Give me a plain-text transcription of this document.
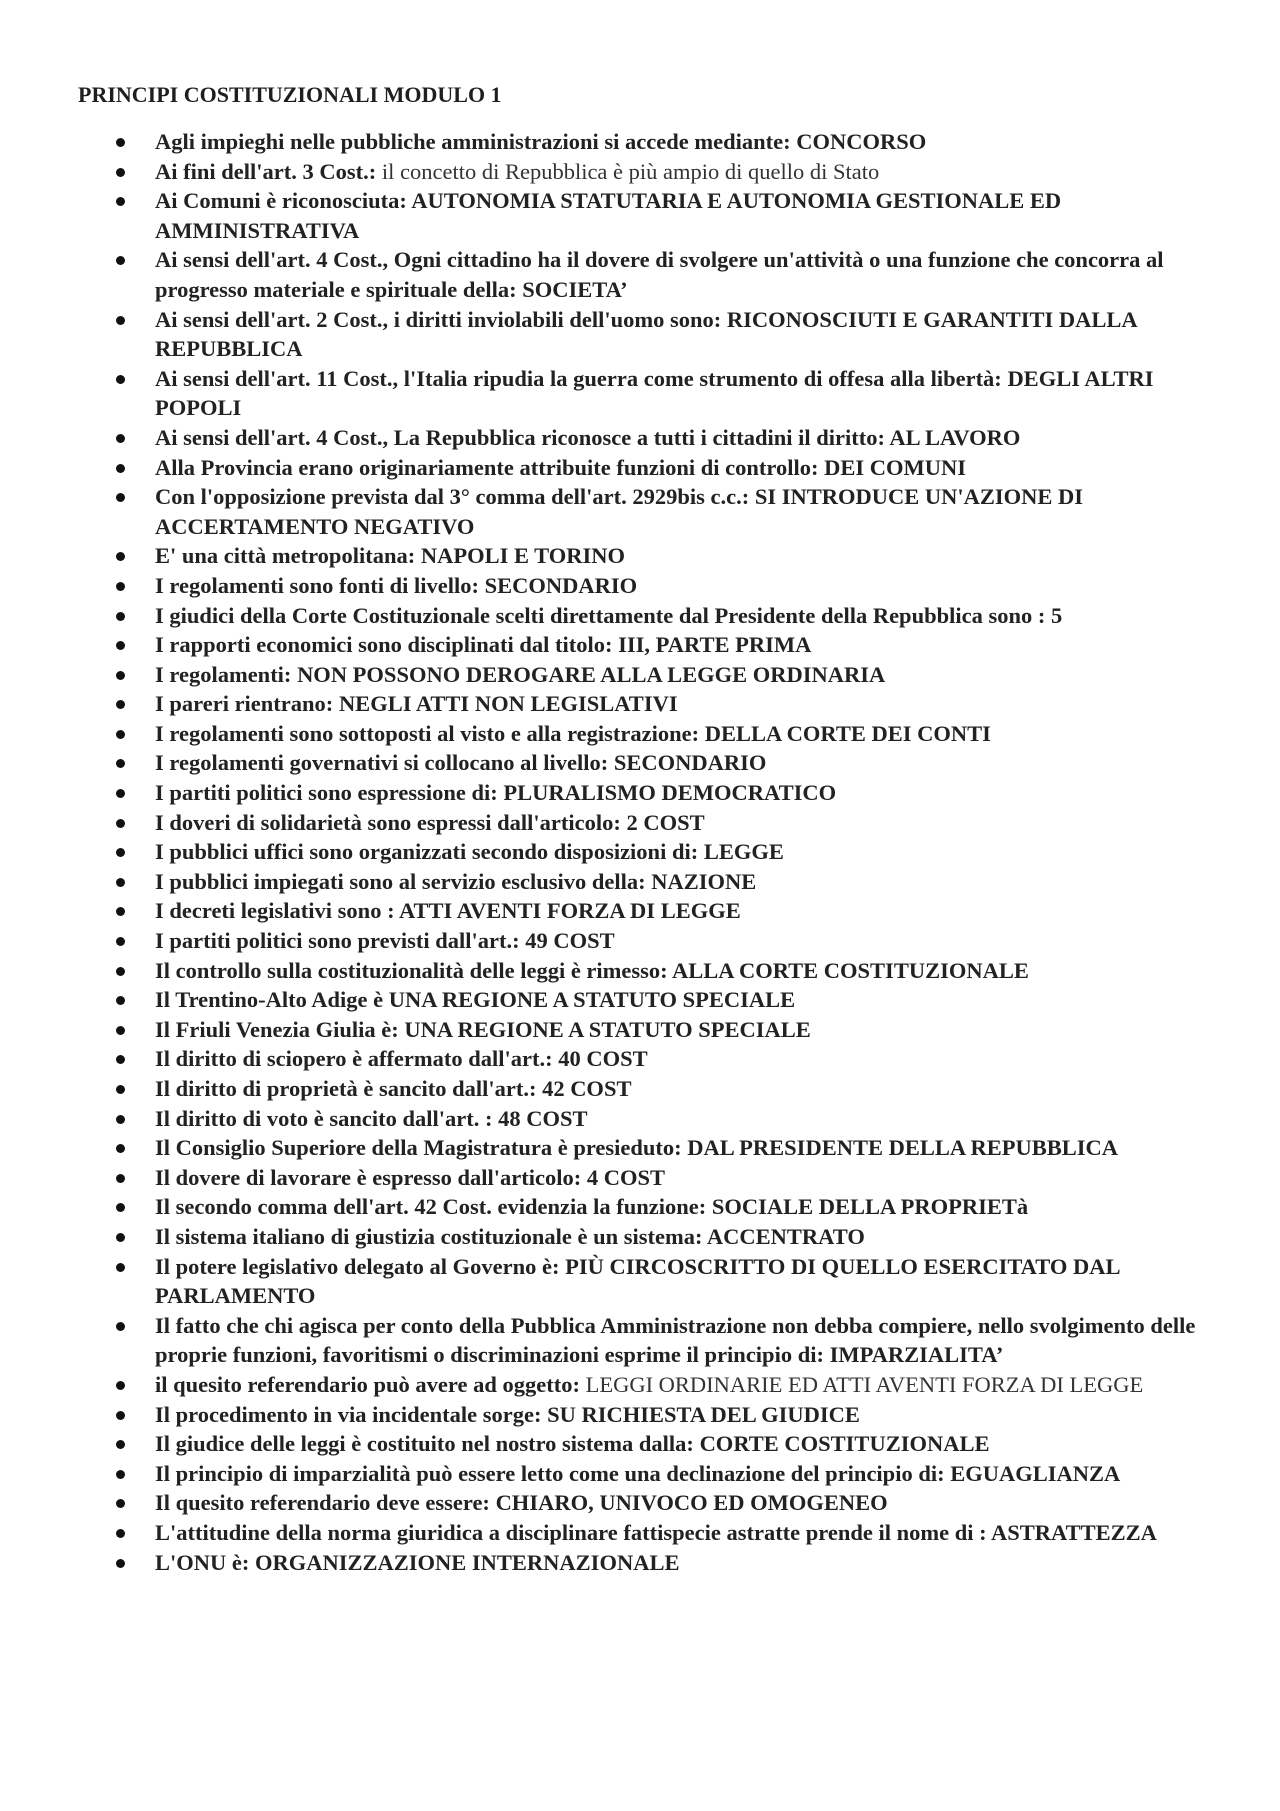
PRINCIPI COSTITUZIONALI MODULO 1
Agli impieghi nelle pubbliche amministrazioni si accede mediante: CONCORSO
Ai fini dell'art. 3 Cost.: il concetto di Repubblica è più ampio di quello di Stato
Ai Comuni è riconosciuta: AUTONOMIA STATUTARIA E AUTONOMIA GESTIONALE ED AMMINISTRATIVA
Ai sensi dell'art. 4 Cost., Ogni cittadino ha il dovere di svolgere un'attività o una funzione che concorra al progresso materiale e spirituale della: SOCIETA’
Ai sensi dell'art. 2 Cost., i diritti inviolabili dell'uomo sono: RICONOSCIUTI E GARANTITI DALLA REPUBBLICA
Ai sensi dell'art. 11 Cost., l'Italia ripudia la guerra come strumento di offesa alla libertà: DEGLI ALTRI POPOLI
Ai sensi dell'art. 4 Cost., La Repubblica riconosce a tutti i cittadini il diritto: AL LAVORO
Alla Provincia erano originariamente attribuite funzioni di controllo: DEI COMUNI
Con l'opposizione prevista dal 3° comma dell'art. 2929bis c.c.: SI INTRODUCE UN'AZIONE DI ACCERTAMENTO NEGATIVO
E' una città metropolitana: NAPOLI E TORINO
I regolamenti sono fonti di livello: SECONDARIO
I giudici della Corte Costituzionale scelti direttamente dal Presidente della Repubblica sono : 5
I rapporti economici sono disciplinati dal titolo: III, PARTE PRIMA
I regolamenti: NON POSSONO DEROGARE ALLA LEGGE ORDINARIA
I pareri rientrano: NEGLI ATTI NON LEGISLATIVI
I regolamenti sono sottoposti al visto e alla registrazione: DELLA CORTE DEI CONTI
I regolamenti governativi si collocano al livello: SECONDARIO
I partiti politici sono espressione di: PLURALISMO DEMOCRATICO
I doveri di solidarietà sono espressi dall'articolo: 2 COST
I pubblici uffici sono organizzati secondo disposizioni di: LEGGE
I pubblici impiegati sono al servizio esclusivo della: NAZIONE
I decreti legislativi sono : ATTI AVENTI FORZA DI LEGGE
I partiti politici sono previsti dall'art.: 49 COST
Il controllo sulla costituzionalità delle leggi è rimesso: ALLA CORTE COSTITUZIONALE
Il Trentino-Alto Adige è UNA REGIONE A STATUTO SPECIALE
Il Friuli Venezia Giulia è: UNA REGIONE A STATUTO SPECIALE
Il diritto di sciopero è affermato dall'art.: 40 COST
Il diritto di proprietà è sancito dall'art.: 42 COST
Il diritto di voto è sancito dall'art. : 48 COST
Il Consiglio Superiore della Magistratura è presieduto: DAL PRESIDENTE DELLA REPUBBLICA
Il dovere di lavorare è espresso dall'articolo: 4 COST
Il secondo comma dell'art. 42 Cost. evidenzia la funzione: SOCIALE DELLA PROPRIETà
Il sistema italiano di giustizia costituzionale è un sistema: ACCENTRATO
Il potere legislativo delegato al Governo è: PIÙ CIRCOSCRITTO DI QUELLO ESERCITATO DAL PARLAMENTO
Il fatto che chi agisca per conto della Pubblica Amministrazione non debba compiere, nello svolgimento delle proprie funzioni, favoritismi o discriminazioni esprime il principio di: IMPARZIALITA’
il quesito referendario può avere ad oggetto: LEGGI ORDINARIE ED ATTI AVENTI FORZA DI LEGGE
Il procedimento in via incidentale sorge: SU RICHIESTA DEL GIUDICE
Il giudice delle leggi è costituito nel nostro sistema dalla: CORTE COSTITUZIONALE
Il principio di imparzialità può essere letto come una declinazione del principio di: EGUAGLIANZA
Il quesito referendario deve essere: CHIARO, UNIVOCO ED OMOGENEO
L'attitudine della norma giuridica a disciplinare fattispecie astratte prende il nome di : ASTRATTEZZA
L'ONU è: ORGANIZZAZIONE INTERNAZIONALE
